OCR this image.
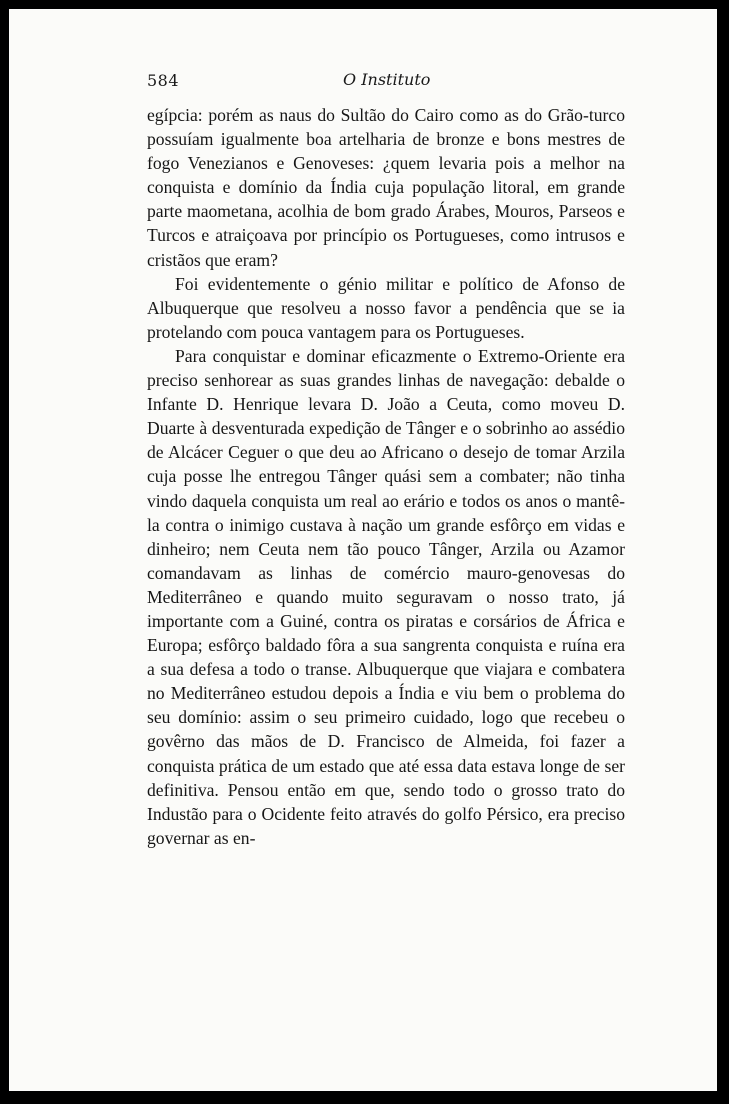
584	O Instituto

egípcia: porém as naus do Sultão do Cairo como as do Grão-turco possuíam igualmente boa artelharia de bronze e bons mestres de fogo Venezianos e Genoveses: ¿quem levaria pois a melhor na conquista e domínio da Índia cuja população litoral, em grande parte maometana, acolhia de bom grado Árabes, Mouros, Parseos e Turcos e atraiçoava por princípio os Portugueses, como intrusos e cristãos que eram?

Foi evidentemente o génio militar e político de Afonso de Albuquerque que resolveu a nosso favor a pendência que se ia protelando com pouca vantagem para os Portugueses.

Para conquistar e dominar eficazmente o Extremo-Oriente era preciso senhorear as suas grandes linhas de navegação: debalde o Infante D. Henrique levara D. João a Ceuta, como moveu D. Duarte à desventurada expedição de Tânger e o sobrinho ao assédio de Alcácer Ceguer o que deu ao Africano o desejo de tomar Arzila cuja posse lhe entregou Tânger quási sem a combater; não tinha vindo daquela conquista um real ao erário e todos os anos o mantê-la contra o inimigo custava à nação um grande esfôrço em vidas e dinheiro; nem Ceuta nem tão pouco Tânger, Arzila ou Azamor comandavam as linhas de comércio mauro-genovesas do Mediterrâneo e quando muito seguravam o nosso trato, já importante com a Guiné, contra os piratas e corsários de África e Europa; esfôrço baldado fôra a sua sangrenta conquista e ruína era a sua defesa a todo o transe. Albuquerque que viajara e combatera no Mediterrâneo estudou depois a Índia e viu bem o problema do seu domínio: assim o seu primeiro cuidado, logo que recebeu o govêrno das mãos de D. Francisco de Almeida, foi fazer a conquista prática de um estado que até essa data estava longe de ser definitiva. Pensou então em que, sendo todo o grosso trato do Industão para o Ocidente feito através do golfo Pérsico, era preciso governar as en-
